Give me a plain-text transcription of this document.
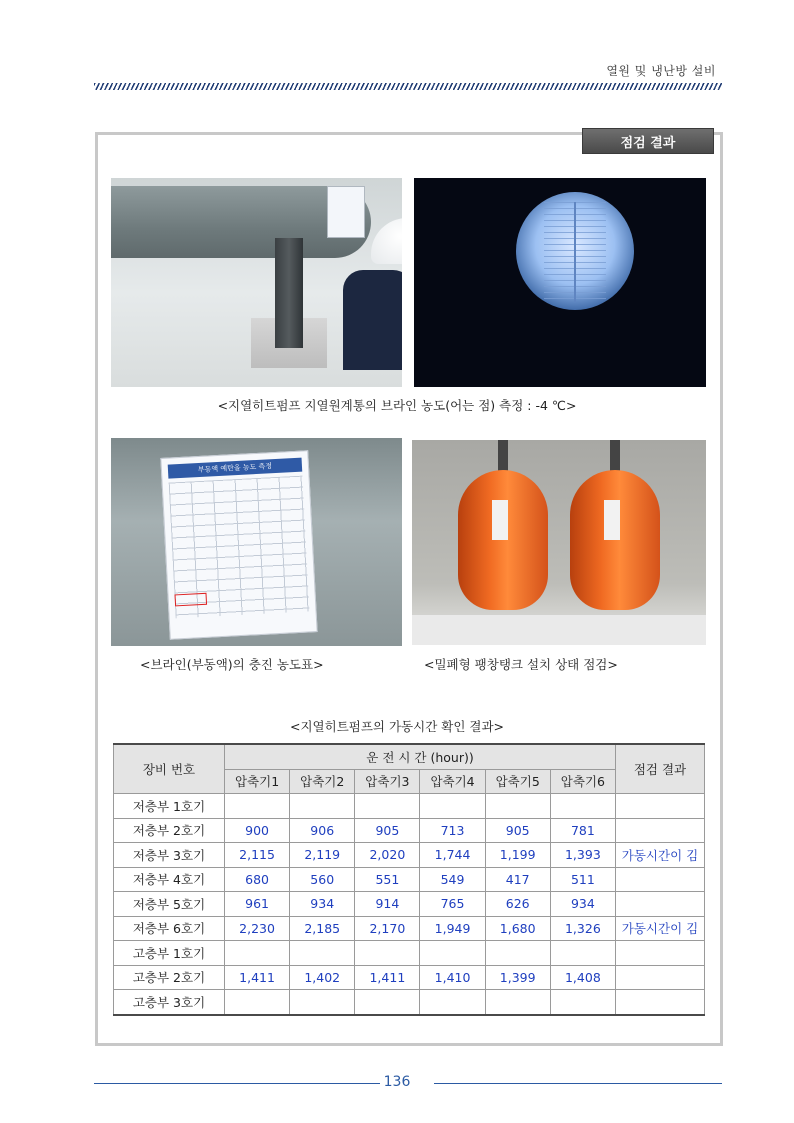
열원 및 냉난방 설비
점검 결과
<지열히트펌프 지열원계통의 브라인 농도(어는 점) 측정 : -4 ℃>
부동액 예탄올 농도 측정
<브라인(부동액)의 충진 농도표>	<밀폐형 팽창탱크 설치 상태 점검>
<지열히트펌프의 가동시간 확인 결과>
장비 번호	운 전 시 간 (hour))						점검 결과
	압축기1	압축기2	압축기3	압축기4	압축기5	압축기6	
저층부 1호기							
저층부 2호기	900	906	905	713	905	781	
저층부 3호기	2,115	2,119	2,020	1,744	1,199	1,393	가동시간이 김
저층부 4호기	680	560	551	549	417	511	
저층부 5호기	961	934	914	765	626	934	
저층부 6호기	2,230	2,185	2,170	1,949	1,680	1,326	가동시간이 김
고층부 1호기							
고층부 2호기	1,411	1,402	1,411	1,410	1,399	1,408	
고층부 3호기							
136
